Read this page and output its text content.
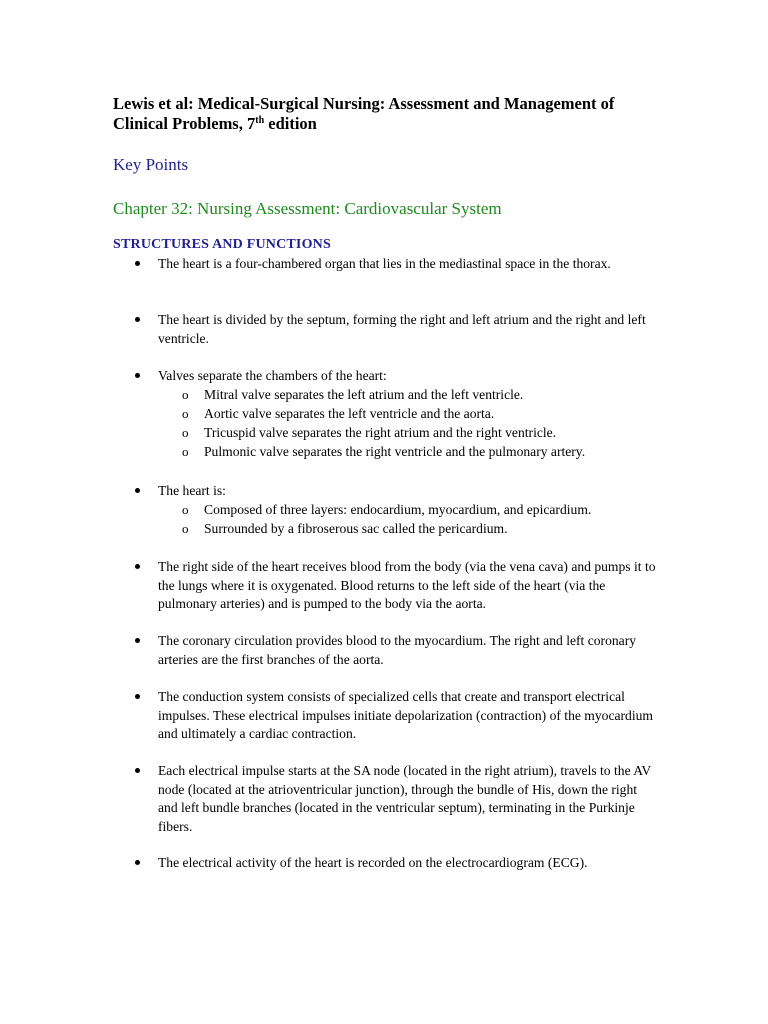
Lewis et al: Medical-Surgical Nursing: Assessment and Management of Clinical Problems, 7th edition
Key Points
Chapter 32: Nursing Assessment: Cardiovascular System
STRUCTURES AND FUNCTIONS
The heart is a four-chambered organ that lies in the mediastinal space in the thorax.
The heart is divided by the septum, forming the right and left atrium and the right and left ventricle.
Valves separate the chambers of the heart:
o Mitral valve separates the left atrium and the left ventricle.
o Aortic valve separates the left ventricle and the aorta.
o Tricuspid valve separates the right atrium and the right ventricle.
o Pulmonic valve separates the right ventricle and the pulmonary artery.
The heart is:
o Composed of three layers: endocardium, myocardium, and epicardium.
o Surrounded by a fibroserous sac called the pericardium.
The right side of the heart receives blood from the body (via the vena cava) and pumps it to the lungs where it is oxygenated. Blood returns to the left side of the heart (via the pulmonary arteries) and is pumped to the body via the aorta.
The coronary circulation provides blood to the myocardium. The right and left coronary arteries are the first branches of the aorta.
The conduction system consists of specialized cells that create and transport electrical impulses. These electrical impulses initiate depolarization (contraction) of the myocardium and ultimately a cardiac contraction.
Each electrical impulse starts at the SA node (located in the right atrium), travels to the AV node (located at the atrioventricular junction), through the bundle of His, down the right and left bundle branches (located in the ventricular septum), terminating in the Purkinje fibers.
The electrical activity of the heart is recorded on the electrocardiogram (ECG).
